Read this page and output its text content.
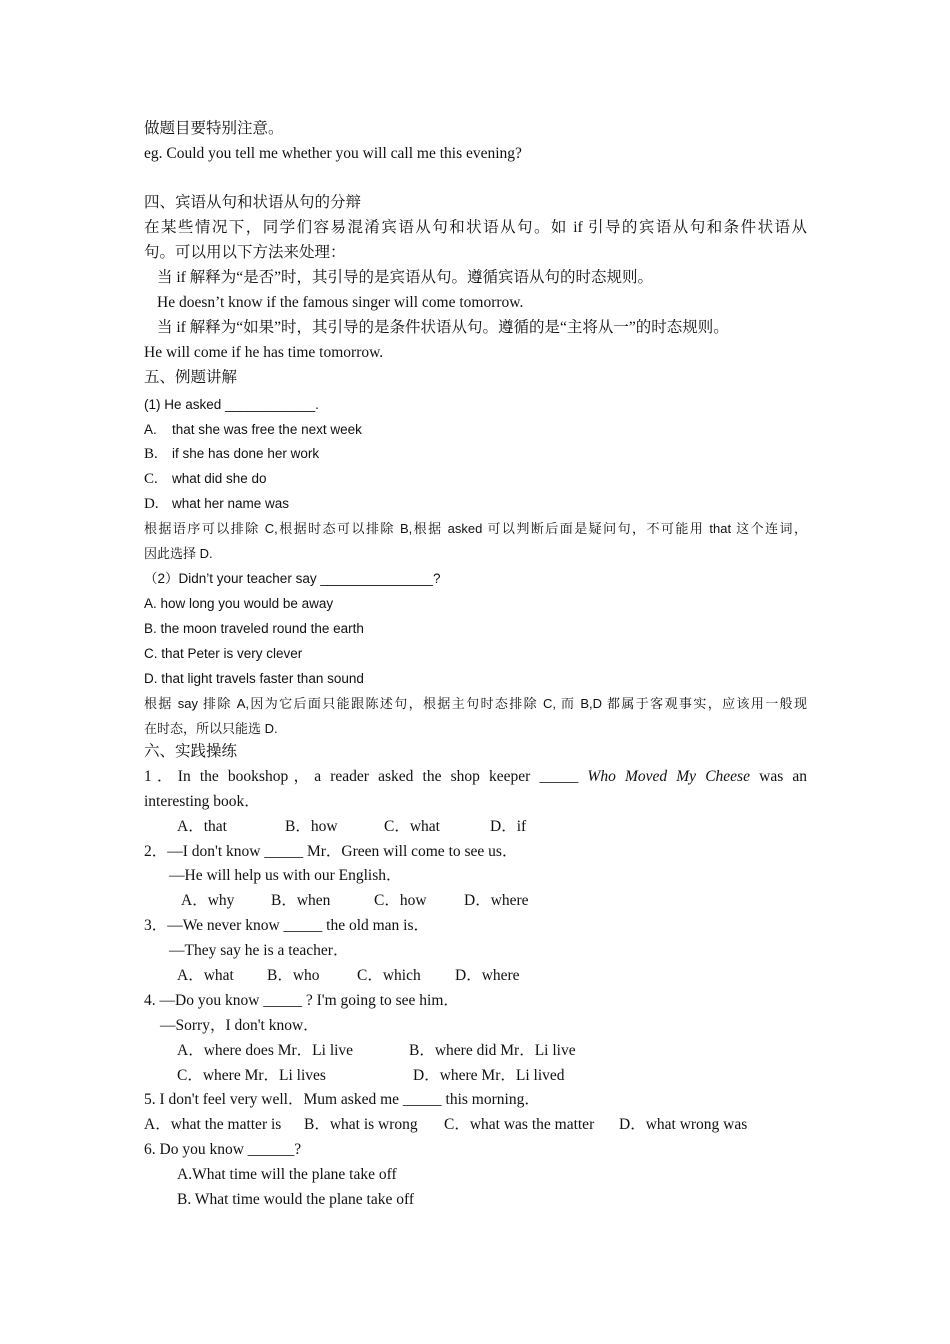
做题目要特别注意。
eg. Could you tell me whether you will call me this evening?
四、宾语从句和状语从句的分辩
在某些情况下，同学们容易混淆宾语从句和状语从句。如 if 引导的宾语从句和条件状语从
句。可以用以下方法来处理：
当 if 解释为“是否”时，其引导的是宾语从句。遵循宾语从句的时态规则。
He doesn’t know if the famous singer will come tomorrow.
当 if 解释为“如果”时，其引导的是条件状语从句。遵循的是“主将从一”的时态规则。
He will come if he has time tomorrow.
五、例题讲解
(1) He asked ____________.
A. that she was free the next week
B. if she has done her work
C. what did she do
D. what her name was
根据语序可以排除 C,根据时态可以排除 B,根据 asked 可以判断后面是疑问句，不可能用 that 这个连词，
因此选择 D.
（2）Didn’t your teacher say _______________?
A. how long you would be away
B. the moon traveled round the earth
C. that Peter is very clever
D. that light travels faster than sound
根据 say 排除 A,因为它后面只能跟陈述句，根据主句时态排除 C, 而 B,D 都属于客观事实，应该用一般现
在时态，所以只能选 D.
六、实践操练
1．In the bookshop，a reader asked the shop keeper _____ Who Moved My Cheese was an
interesting book．
A．that	B．how	C．what	D．if
2．—I don't know _____ Mr．Green will come to see us．
—He will help us with our English．
A．why B．when	C．how D．where
3．—We never know _____ the old man is．
—They say he is a teacher．
A．what B．who C．which D．where
4. —Do you know _____ ? I'm going to see him．
—Sorry，I don't know．
A．where does Mr．Li live	B．where did Mr．Li live
C．where Mr．Li lives	D．where Mr．Li lived
5. I don't feel very well．Mum asked me _____ this morning．
A．what the matter is B．what is wrong C．what was the matter D．what wrong was
6. Do you know ______?
A.What time will the plane take off
B. What time would the plane take off
